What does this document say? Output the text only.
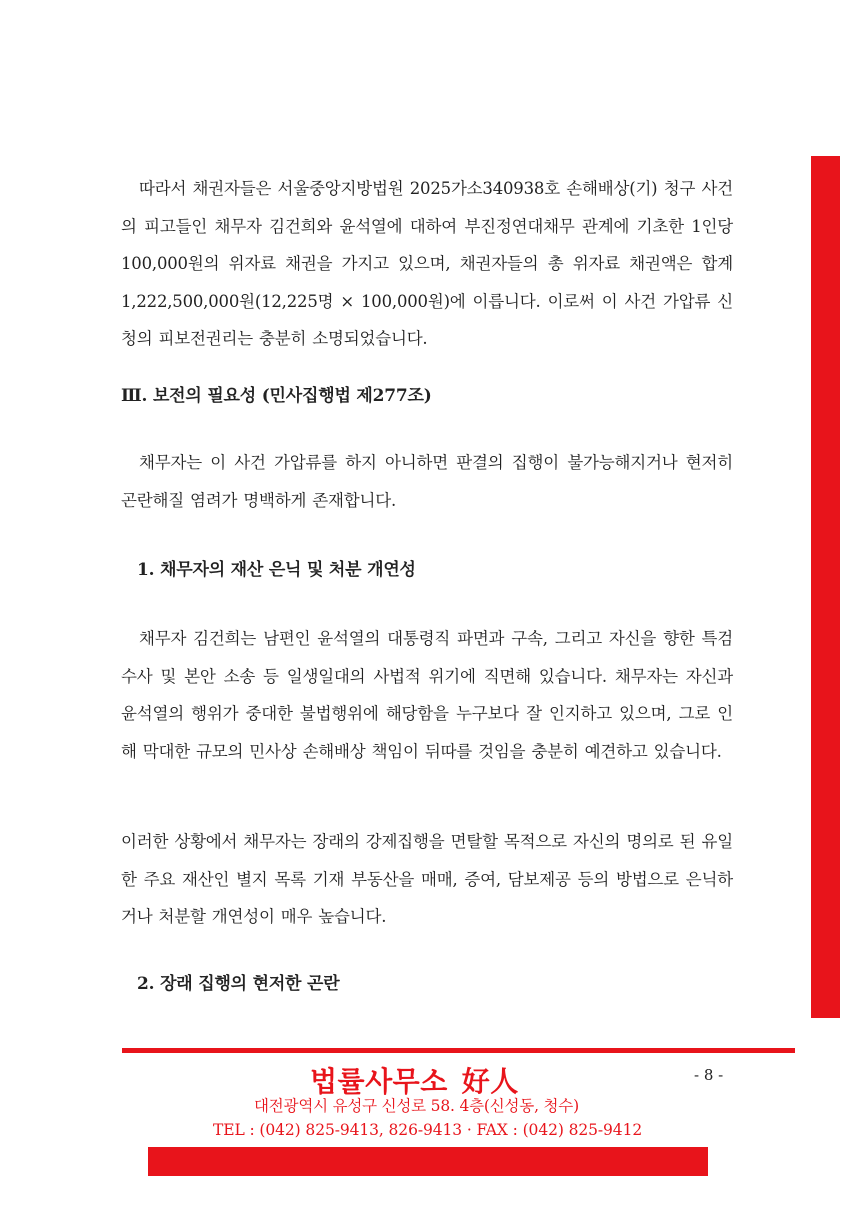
따라서 채권자들은 서울중앙지방법원 2025가소340938호 손해배상(기) 청구 사건의 피고들인 채무자 김건희와 윤석열에 대하여 부진정연대채무 관계에 기초한 1인당 100,000원의 위자료 채권을 가지고 있으며, 채권자들의 총 위자료 채권액은 합계 1,222,500,000원(12,225명 × 100,000원)에 이릅니다. 이로써 이 사건 가압류 신청의 피보전권리는 충분히 소명되었습니다.

Ⅲ. 보전의 필요성 (민사집행법 제277조)

채무자는 이 사건 가압류를 하지 아니하면 판결의 집행이 불가능해지거나 현저히 곤란해질 염려가 명백하게 존재합니다.

1. 채무자의 재산 은닉 및 처분 개연성

채무자 김건희는 남편인 윤석열의 대통령직 파면과 구속, 그리고 자신을 향한 특검 수사 및 본안 소송 등 일생일대의 사법적 위기에 직면해 있습니다. 채무자는 자신과 윤석열의 행위가 중대한 불법행위에 해당함을 누구보다 잘 인지하고 있으며, 그로 인해 막대한 규모의 민사상 손해배상 책임이 뒤따를 것임을 충분히 예견하고 있습니다.

이러한 상황에서 채무자는 장래의 강제집행을 면탈할 목적으로 자신의 명의로 된 유일한 주요 재산인 별지 목록 기재 부동산을 매매, 증여, 담보제공 등의 방법으로 은닉하거나 처분할 개연성이 매우 높습니다.

2. 장래 집행의 현저한 곤란

법률사무소 好人	- 8 -

대전광역시 유성구 신성로 58. 4층(신성동, 청수)

TEL : (042) 825-9413, 826-9413 · FAX : (042) 825-9412
